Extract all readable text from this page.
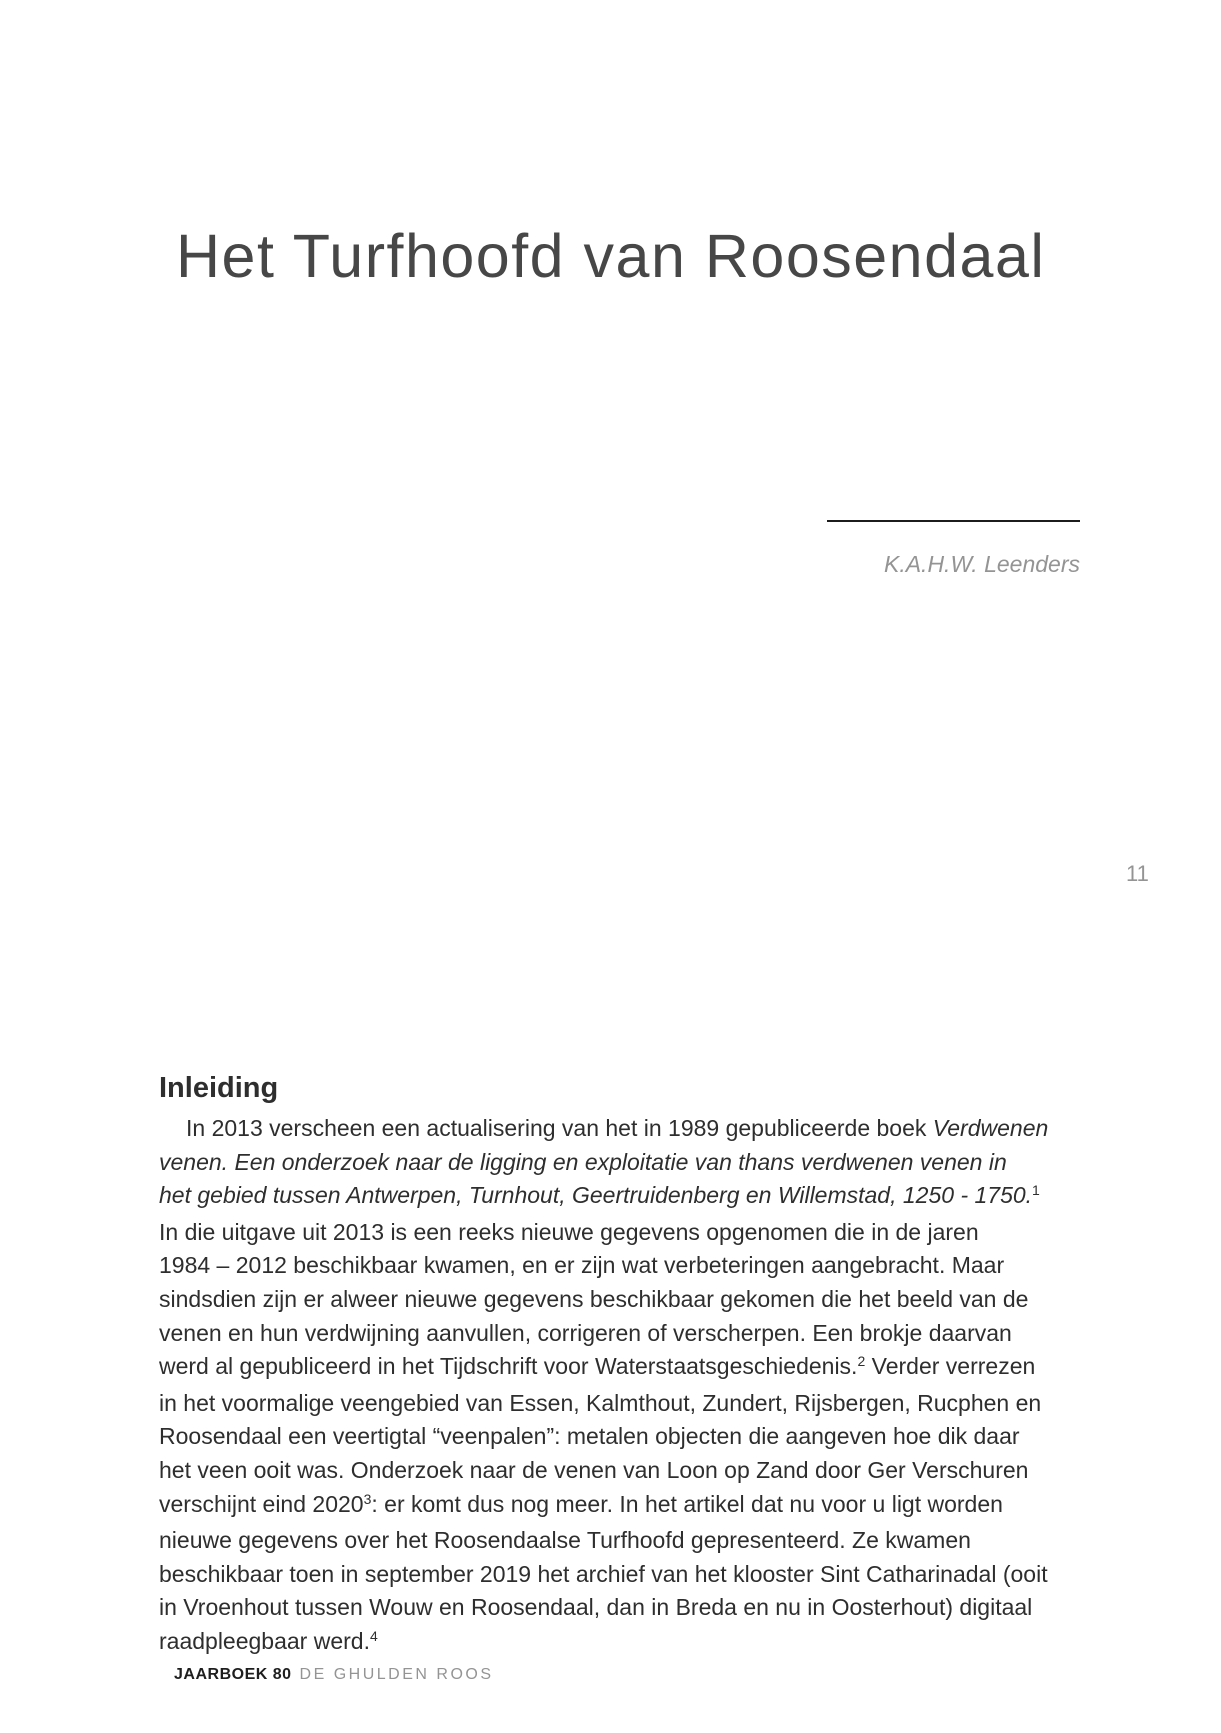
Het Turfhoofd van Roosendaal
K.A.H.W. Leenders
11
Inleiding
In 2013 verscheen een actualisering van het in 1989 gepubliceerde boek Verdwenen
venen. Een onderzoek naar de ligging en exploitatie van thans verdwenen venen in
het gebied tussen Antwerpen, Turnhout, Geertruidenberg en Willemstad, 1250 - 1750.$^1$
In die uitgave uit 2013 is een reeks nieuwe gegevens opgenomen die in de jaren
1984 – 2012 beschikbaar kwamen, en er zijn wat verbeteringen aangebracht. Maar
sindsdien zijn er alweer nieuwe gegevens beschikbaar gekomen die het beeld van de
venen en hun verdwijning aanvullen, corrigeren of verscherpen. Een brokje daarvan
werd al gepubliceerd in het Tijdschrift voor Waterstaatsgeschiedenis.$^2$ Verder verrezen
in het voormalige veengebied van Essen, Kalmthout, Zundert, Rijsbergen, Rucphen en
Roosendaal een veertigtal “veenpalen”: metalen objecten die aangeven hoe dik daar
het veen ooit was. Onderzoek naar de venen van Loon op Zand door Ger Verschuren
verschijnt eind 2020$^3$: er komt dus nog meer. In het artikel dat nu voor u ligt worden
nieuwe gegevens over het Roosendaalse Turfhoofd gepresenteerd. Ze kwamen
beschikbaar toen in september 2019 het archief van het klooster Sint Catharinadal (ooit
in Vroenhout tussen Wouw en Roosendaal, dan in Breda en nu in Oosterhout) digitaal
raadpleegbaar werd.$^4$
JAARBOEK 80 DE GHULDEN ROOS
